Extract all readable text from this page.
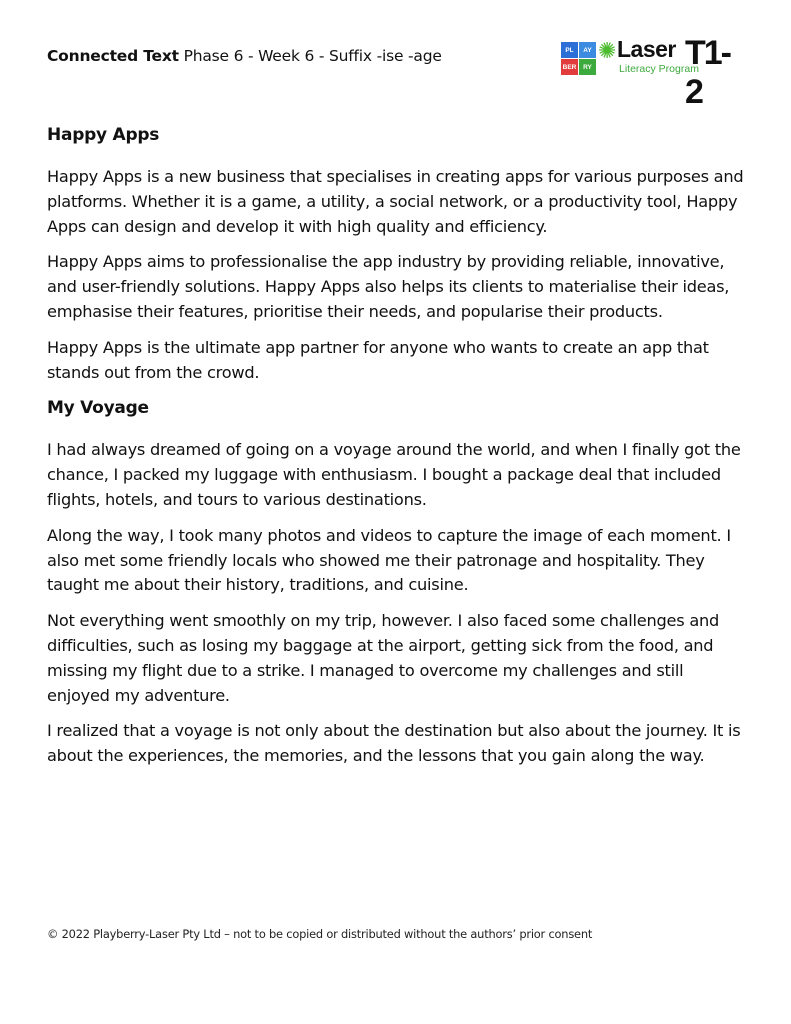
Connected Text Phase 6 - Week 6 - Suffix -ise -age	PL	AY
BER	RY
✺ Laser
Literacy Program
T1-2
Happy Apps

Happy Apps is a new business that specialises in creating apps for various purposes and platforms. Whether it is a game, a utility, a social network, or a productivity tool, Happy Apps can design and develop it with high quality and efficiency.

Happy Apps aims to professionalise the app industry by providing reliable, innovative, and user-friendly solutions. Happy Apps also helps its clients to materialise their ideas, emphasise their features, prioritise their needs, and popularise their products.

Happy Apps is the ultimate app partner for anyone who wants to create an app that stands out from the crowd.

My Voyage

I had always dreamed of going on a voyage around the world, and when I finally got the chance, I packed my luggage with enthusiasm. I bought a package deal that included flights, hotels, and tours to various destinations.

Along the way, I took many photos and videos to capture the image of each moment. I also met some friendly locals who showed me their patronage and hospitality. They taught me about their history, traditions, and cuisine.

Not everything went smoothly on my trip, however. I also faced some challenges and difficulties, such as losing my baggage at the airport, getting sick from the food, and missing my flight due to a strike. I managed to overcome my challenges and still enjoyed my adventure.

I realized that a voyage is not only about the destination but also about the journey. It is about the experiences, the memories, and the lessons that you gain along the way.

© 2022 Playberry-Laser Pty Ltd – not to be copied or distributed without the authors’ prior consent
